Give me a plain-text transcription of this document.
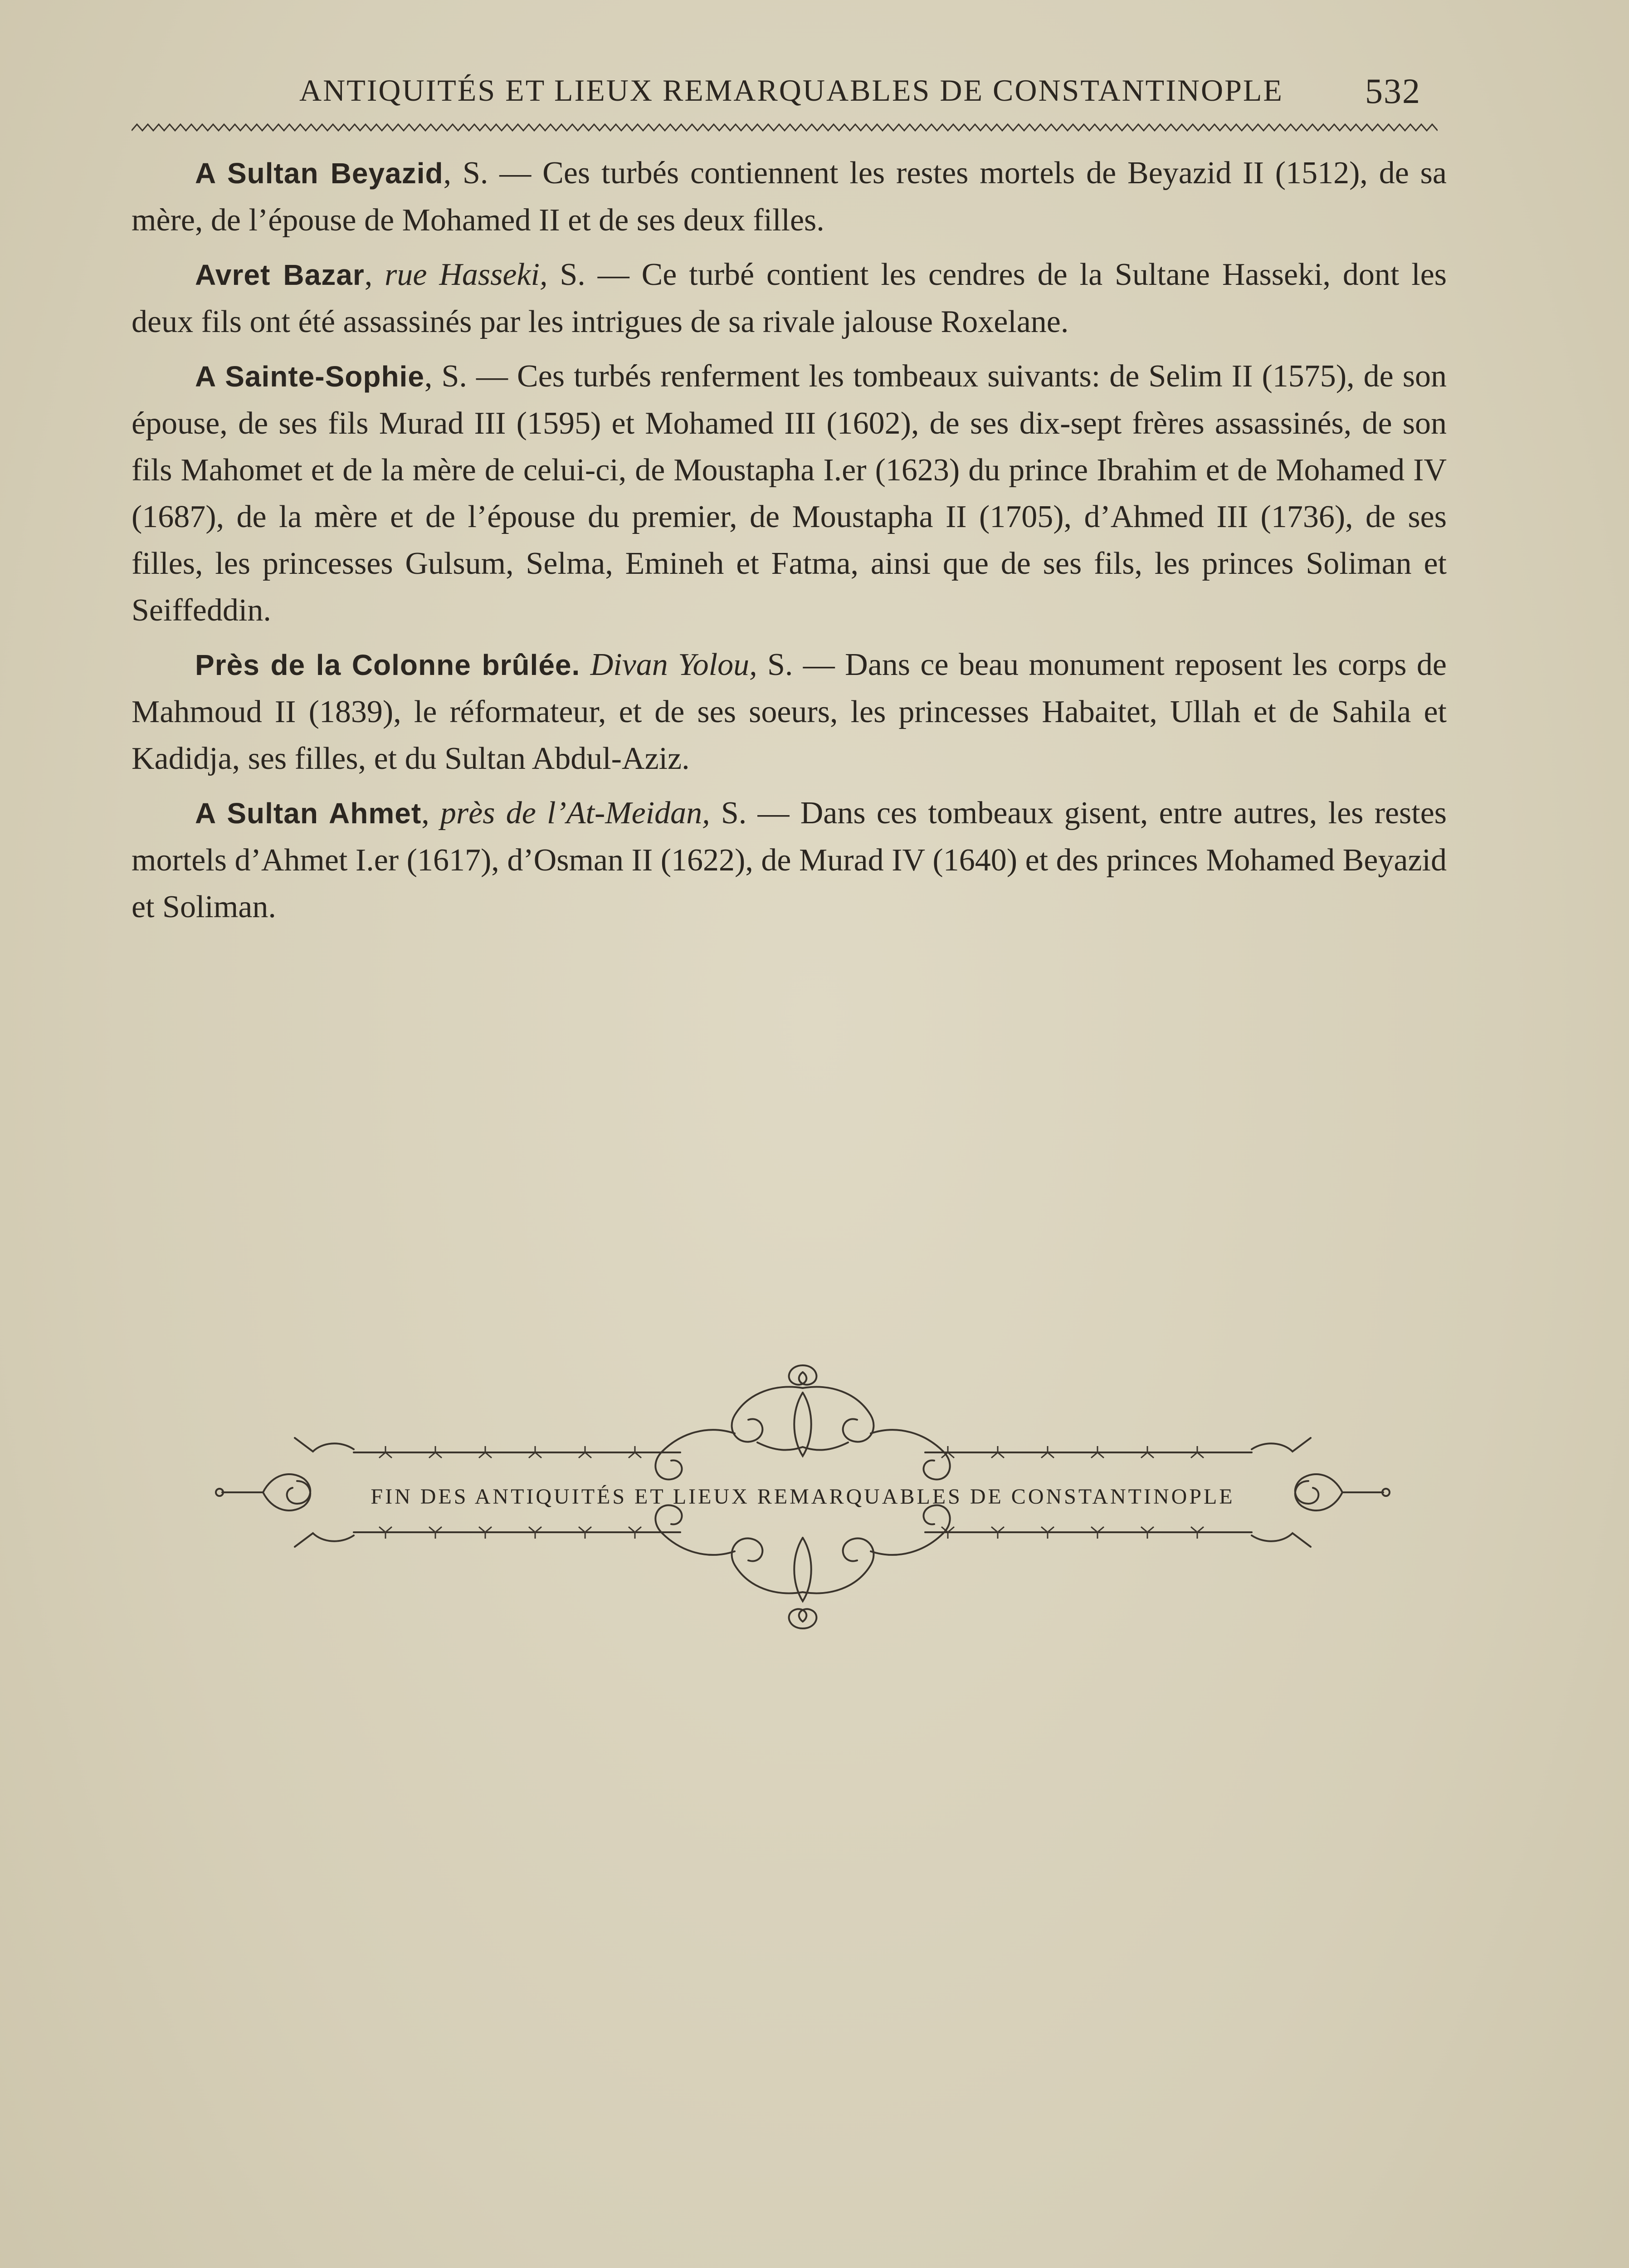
ANTIQUITÉS ET LIEUX REMARQUABLES DE CONSTANTINOPLE	532

A Sultan Beyazid, S. — Ces turbés contiennent les restes mortels de Beyazid II (1512), de sa mère, de l’épouse de Mohamed II et de ses deux filles.

Avret Bazar, rue Hasseki, S. — Ce turbé contient les cendres de la Sultane Hasseki, dont les deux fils ont été assassinés par les intrigues de sa rivale jalouse Roxelane.

A Sainte-Sophie, S. — Ces turbés renferment les tombeaux suivants: de Selim II (1575), de son épouse, de ses fils Murad III (1595) et Mohamed III (1602), de ses dix-sept frères assassinés, de son fils Mahomet et de la mère de celui-ci, de Moustapha I.er (1623) du prince Ibrahim et de Mohamed IV (1687), de la mère et de l’épouse du premier, de Moustapha II (1705), d’Ahmed III (1736), de ses filles, les princesses Gulsum, Selma, Emineh et Fatma, ainsi que de ses fils, les princes Soliman et Seiffeddin.

Près de la Colonne brûlée. Divan Yolou, S. — Dans ce beau monument reposent les corps de Mahmoud II (1839), le réformateur, et de ses soeurs, les princesses Habaitet, Ullah et de Sahila et Kadidja, ses filles, et du Sultan Abdul-Aziz.

A Sultan Ahmet, près de l’At-Meidan, S. — Dans ces tombeaux gisent, entre autres, les restes mortels d’Ahmet I.er (1617), d’Osman II (1622), de Murad IV (1640) et des princes Mohamed Beyazid et Soliman.

FIN DES ANTIQUITÉS ET LIEUX REMARQUABLES DE CONSTANTINOPLE
